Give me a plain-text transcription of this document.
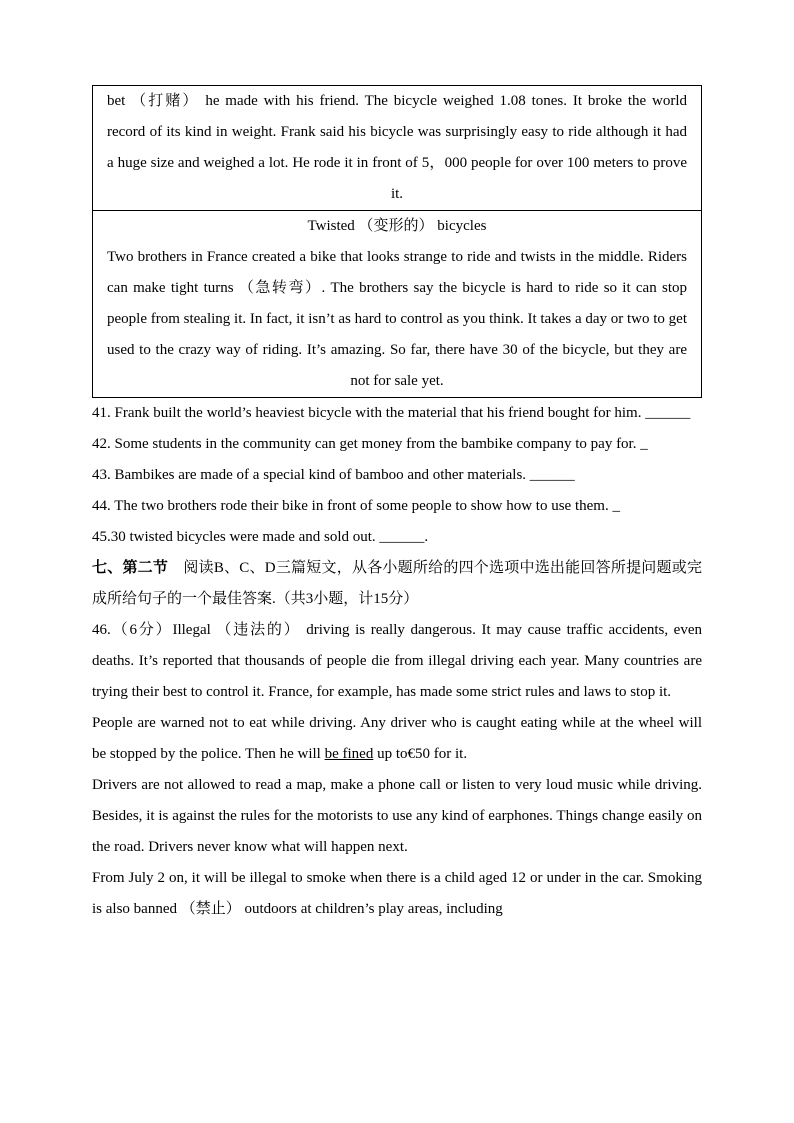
bet （打赌） he made with his friend. The bicycle weighed 1.08 tones. It broke the world record of its kind in weight. Frank said his bicycle was surprisingly easy to ride although it had a huge size and weighed a lot. He rode it in front of 5，000 people for over 100 meters to prove it.
Twisted （变形的） bicycles
Two brothers in France created a bike that looks strange to ride and twists in the middle. Riders can make tight turns （急转弯）. The brothers say the bicycle is hard to ride so it can stop people from stealing it. In fact, it isn’t as hard to control as you think. It takes a day or two to get used to the crazy way of riding. It’s amazing. So far, there have 30 of the bicycle, but they are not for sale yet.
41. Frank built the world’s heaviest bicycle with the material that his friend bought for him. ______
42. Some students in the community can get money from the bambike company to pay for. _
43. Bambikes are made of a special kind of bamboo and other materials. ______
44. The two brothers rode their bike in front of some people to show how to use them. _
45.30 twisted bicycles were made and sold out. ______.
七、第二节　阅读B、C、D三篇短文，从各小题所给的四个选项中选出能回答所提问题或完成所给句子的一个最佳答案.（共3小题，计15分）
46.（6分）Illegal （违法的） driving is really dangerous. It may cause traffic accidents, even deaths. It’s reported that thousands of people die from illegal driving each year. Many countries are trying their best to control it. France, for example, has made some strict rules and laws to stop it.
People are warned not to eat while driving. Any driver who is caught eating while at the wheel will be stopped by the police. Then he will be fined up to€50 for it.
Drivers are not allowed to read a map, make a phone call or listen to very loud music while driving. Besides, it is against the rules for the motorists to use any kind of earphones. Things change easily on the road. Drivers never know what will happen next.
From July 2 on, it will be illegal to smoke when there is a child aged 12 or under in the car. Smoking is also banned （禁止） outdoors at children’s play areas, including
